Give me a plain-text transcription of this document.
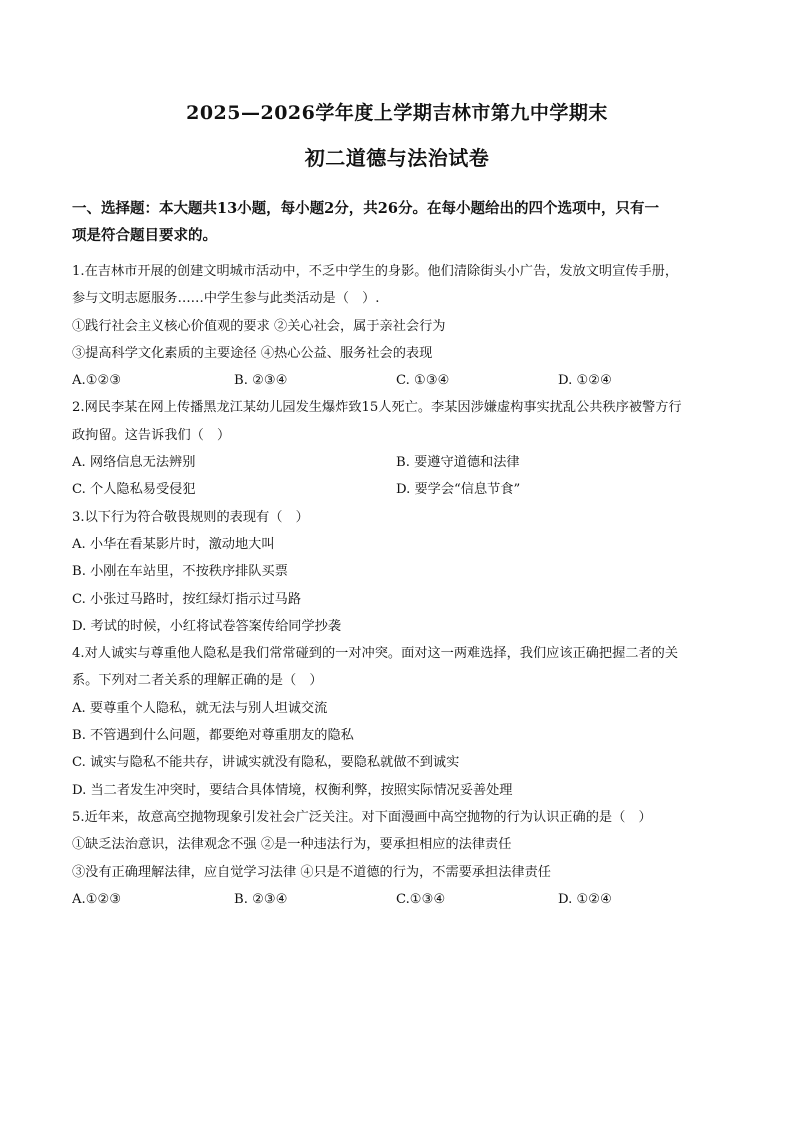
2025—2026学年度上学期吉林市第九中学期末
初二道德与法治试卷
一、选择题：本大题共13小题，每小题2分，共26分。在每小题给出的四个选项中，只有一
项是符合题目要求的。
1.在吉林市开展的创建文明城市活动中，不乏中学生的身影。他们清除街头小广告，发放文明宣传手册，
参与文明志愿服务……中学生参与此类活动是（　）.
①践行社会主义核心价值观的要求 ②关心社会，属于亲社会行为
③提高科学文化素质的主要途径 ④热心公益、服务社会的表现
A.①②③	B. ②③④	C. ①③④	D. ①②④
2.网民李某在网上传播黑龙江某幼儿园发生爆炸致15人死亡。李某因涉嫌虚构事实扰乱公共秩序被警方行
政拘留。这告诉我们（　）
A. 网络信息无法辨别	B. 要遵守道德和法律
C. 个人隐私易受侵犯	D. 要学会“信息节食”
3.以下行为符合敬畏规则的表现有（　）
A. 小华在看某影片时，激动地大叫
B. 小刚在车站里，不按秩序排队买票
C. 小张过马路时，按红绿灯指示过马路
D. 考试的时候，小红将试卷答案传给同学抄袭
4.对人诚实与尊重他人隐私是我们常常碰到的一对冲突。面对这一两难选择，我们应该正确把握二者的关
系。下列对二者关系的理解正确的是（　）
A. 要尊重个人隐私，就无法与别人坦诚交流
B. 不管遇到什么问题，都要绝对尊重朋友的隐私
C. 诚实与隐私不能共存，讲诚实就没有隐私，要隐私就做不到诚实
D. 当二者发生冲突时，要结合具体情境，权衡利弊，按照实际情况妥善处理
5.近年来，故意高空抛物现象引发社会广泛关注。对下面漫画中高空抛物的行为认识正确的是（　）
①缺乏法治意识，法律观念不强 ②是一种违法行为，要承担相应的法律责任
③没有正确理解法律，应自觉学习法律 ④只是不道德的行为，不需要承担法律责任
A.①②③	B. ②③④	C.①③④	D. ①②④
